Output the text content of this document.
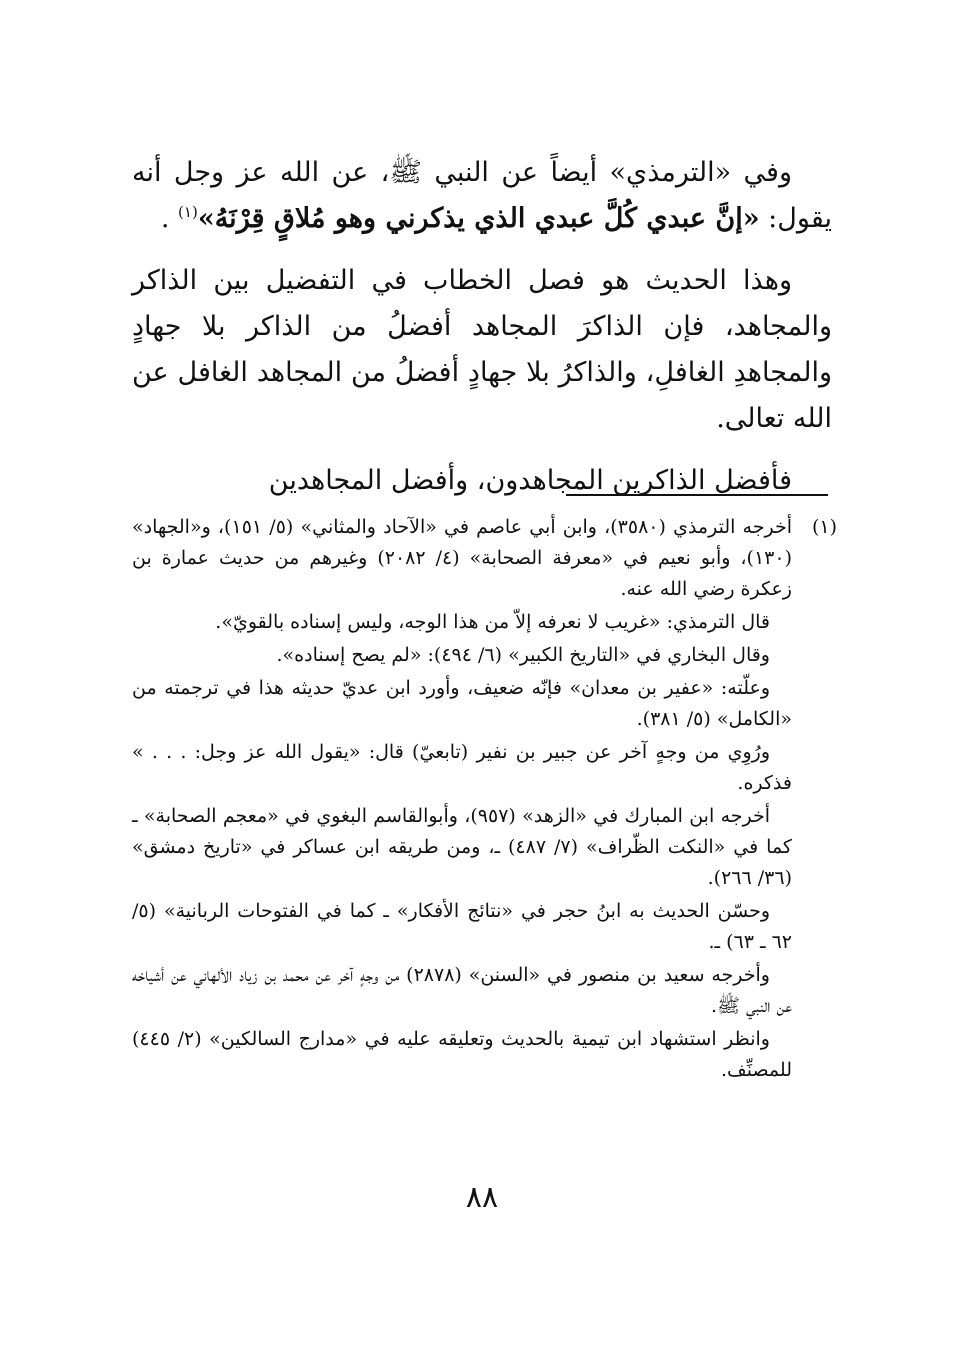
وفي «الترمذي» أيضاً عن النبي ﷺ، عن الله عز وجل أنه يقول: «إنَّ عبدي كُلَّ عبدي الذي يذكرني وهو مُلاقٍ قِرْنَهُ»$^{(١)}$ .

وهذا الحديث هو فصل الخطاب في التفضيل بين الذاكر والمجاهد، فإن الذاكرَ المجاهد أفضلُ من الذاكر بلا جهادٍ والمجاهدِ الغافلِ، والذاكرُ بلا جهادٍ أفضلُ من المجاهد الغافل عن الله تعالى.

فأفضل الذاكرين المجاهدون، وأفضل المجاهدين

(١)

أخرجه الترمذي (٣٥٨٠)، وابن أبي عاصم في «الآحاد والمثاني» (٥/ ١٥١)، و«الجهاد» (١٣٠)، وأبو نعيم في «معرفة الصحابة» (٤/ ٢٠٨٢) وغيرهم من حديث عمارة بن زعكرة رضي الله عنه.

قال الترمذي: «غريب لا نعرفه إلاّ من هذا الوجه، وليس إسناده بالقويّ».

وقال البخاري في «التاريخ الكبير» (٦/ ٤٩٤): «لم يصح إسناده».

وعلّته: «عفير بن معدان» فإنّه ضعيف، وأورد ابن عديّ حديثه هذا في ترجمته من «الكامل» (٥/ ٣٨١).

ورُوِي من وجهٍ آخر عن جبير بن نفير (تابعيّ) قال: «يقول الله عز وجل: . . . » فذكره.

أخرجه ابن المبارك في «الزهد» (٩٥٧)، وأبوالقاسم البغوي في «معجم الصحابة» ـ كما في «النكت الظّراف» (٧/ ٤٨٧) ـ، ومن طريقه ابن عساكر في «تاريخ دمشق» (٣٦/ ٢٦٦).

وحسّن الحديث به ابنُ حجر في «نتائج الأفكار» ـ كما في الفتوحات الربانية» (٥/ ٦٢ ـ ٦٣) ـ.

وأخرجه سعيد بن منصور في «السنن» (٢٨٧٨) من وجهٍ آخر عن محمد بن زياد الألهاني عن أشياخه عن النبي ﷺ.

وانظر استشهاد ابن تيمية بالحديث وتعليقه عليه في «مدارج السالكين» (٢/ ٤٤٥) للمصنِّف.

٨٨
